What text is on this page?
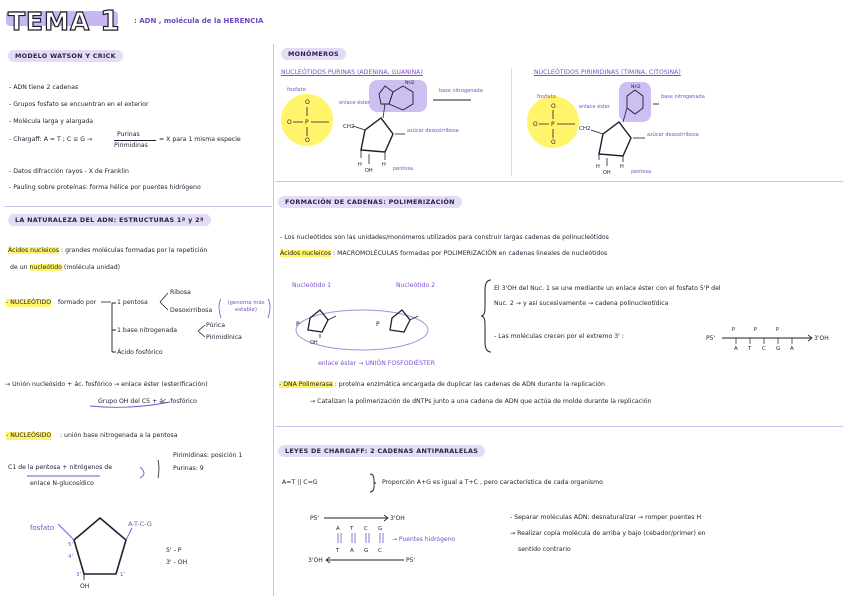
TEMA 1 : ADN , molécula de la HERENCIA
MODELO WATSON Y CRICK
- ADN tiene 2 cadenas
- Grupos fosfato se encuentran en el exterior
- Molécula larga y alargada
- Chargaff: A = T ; C ≡ G →
Purinas
Pirimidinas
= X para 1 misma especie
- Datos difracción rayos - X de Franklin
- Pauling sobre proteínas: forma hélice por puentes hidrógeno
LA NATURALEZA DEL ADN: ESTRUCTURAS 1ª y 2ª
Ácidos nucleicos : grandes moléculas formadas por la repetición
de un nucleótido (molécula unidad)
- NUCLEÓTIDO formado por	1 pentosa
Ribosa
Desoxirribosa
(genoma más estable)
1 base nitrogenada
Púrica
Pirimidínica
Ácido fosfórico
→ Unión nucleósido + ác. fosfórico → enlace éster (esterificación)
Grupo OH del C5 + ác. fosfórico
- NUCLEÓSIDO : unión base nitrogenada a la pentosa
C1 de la pentosa + nitrógenos de
Pirimidinas: posición 1
Purinas: 9
enlace N-glucosídico
fosfato	A-T-C-G
5'
4'
3'	1'
OH
5' - P
3' - OH
MONÓMEROS
NUCLEÓTIDOS PURINAS (ADENINA, GUANINA)	NUCLEÓTIDOS PIRIMIDINAS (TIMINA, CITOSINA)
fosfato
O
O P
O
enlace éster
CH2
H	H
OH
NH2
base nitrogenada
azúcar desoxirribosa
pentosa
fosfato
O
O P
O
enlace éster
CH2
H	H
OH
NH2
base nitrogenada
azúcar desoxirribosa
pentosa
FORMACIÓN DE CADENAS: POLIMERIZACIÓN
- Los nucleótidos son las unidades/monómeros utilizados para construir largas cadenas de polinucleótidos
Ácidos nucleicos : MACROMOLÉCULAS formadas por POLIMERIZACIÓN en cadenas lineales de nucleótidos
Nucleótido 1	Nucleótido 2
P	P
OH
enlace éster → UNIÓN FOSFODIÉSTER
El 3'OH del Nuc. 1 se une mediante un enlace éster con el fosfato 5'P del
Nuc. 2 → y así sucesivamente → cadena polinucleotídica
- Las moléculas crecen por el extremo 3' :	P5'	3'OH
A T C G A
P	P	P
- DNA Polimerasa : proteína enzimática encargada de duplicar las cadenas de ADN durante la replicación
→ Catalizan la polimerización de dNTPs junto a una cadena de ADN que actúa de molde durante la replicación
LEYES DE CHARGAFF: 2 CADENAS ANTIPARALELAS
A=T || C=G	Proporción A+G es igual a T+C , pero característica de cada organismo
P5'	3'OH
A T C G
T A G C
3'OH	P5'
→ Puentes hidrógeno
- Separar moléculas ADN: desnaturalizar → romper puentes H
→ Realizar copia molécula de arriba y bajo (cebador/primer) en
sentido contrario
